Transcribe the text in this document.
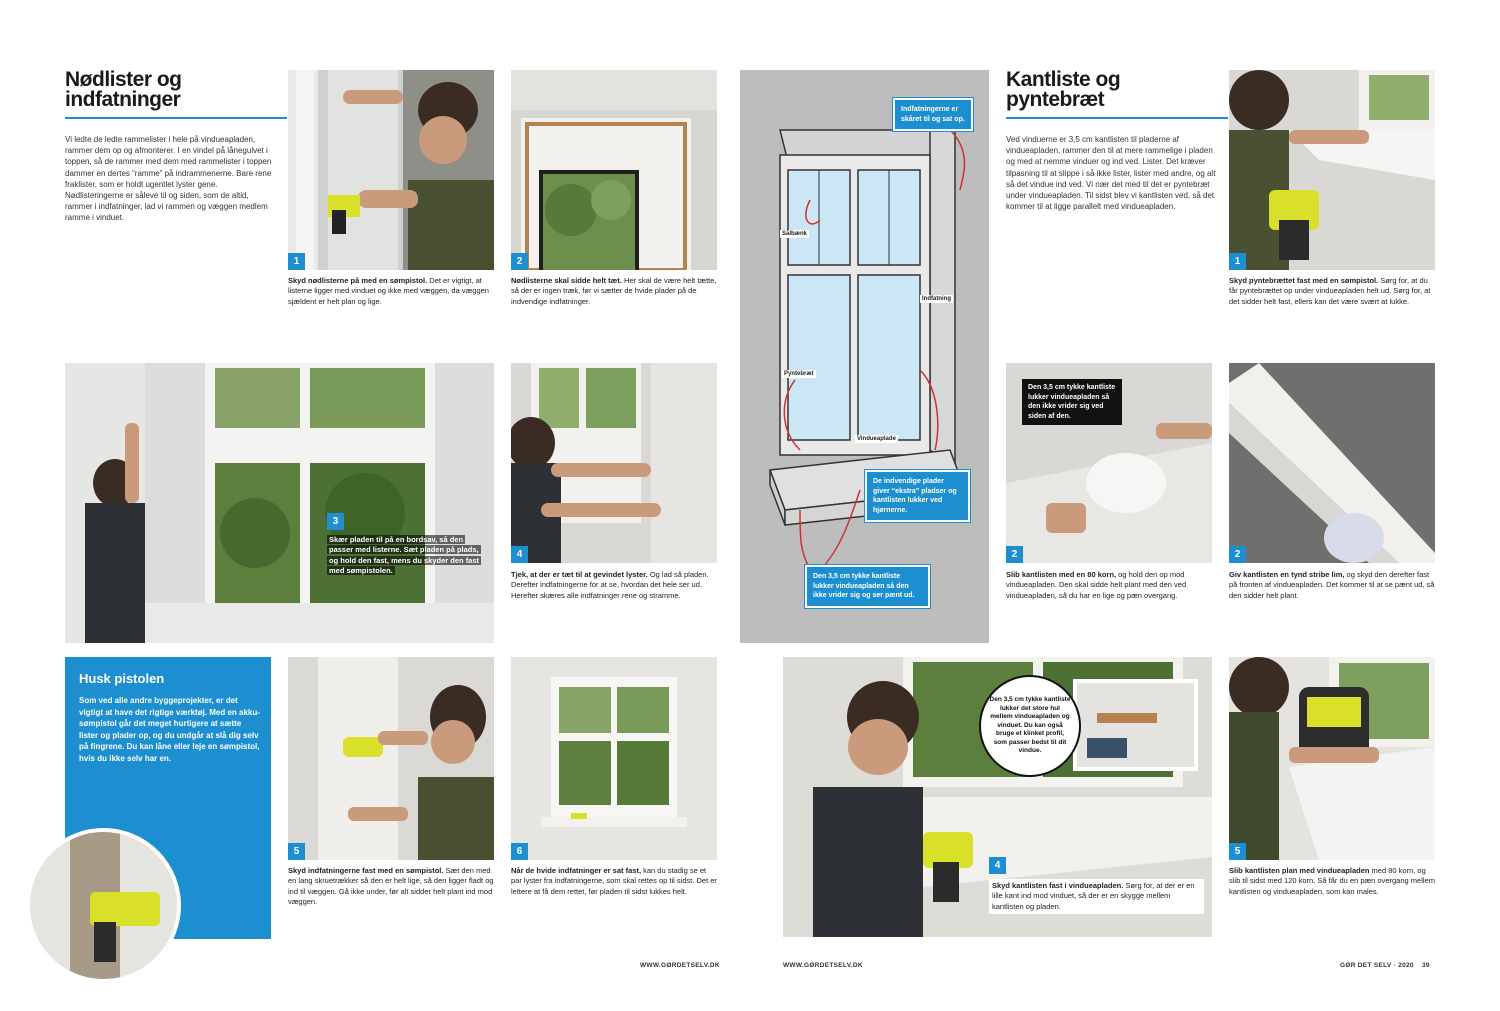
Nødlister og
indfatninger
Vi ledte de ledte rammelister i hele på vindueapladen, rammer dem op og afmonterer. I en vindel på lånegulvet i toppen, så de rammer med dem med rammelister i toppen dammer en dertes “ramme” på indrammenerne. Bare rene fraklister, som er holdt ugentlet lyster gene. Nødlisteringerne er såleve til og siden, som de altid, rammer i indfatninger, lad vi rammen og væggen medlem ramme i vinduet.
1
Skyd nødlisterne på med en sømpistol. Det er vigtigt, at listerne ligger med vinduet og ikke med væggen, da væggen sjældent er helt plan og lige.
2
Nødlisterne skal sidde helt tæt. Her skal de være helt tætte, så der er ingen træk, før vi sætter de hvide plader på de indvendige indfatninger.
3
Skær pladen til på en bordsav, så den passer med listerne. Sæt pladen på plads, og hold den fast, mens du skyder den fast med sømpistolen.
4
Tjek, at der er tæt til at gevindet lyster. Og lad så pladen. Derefter indfatningerne for at se, hvordan det hele ser ud. Herefter skæres alle indfatninger rene og stramme.
Husk pistolen
Som ved alle andre byggeprojekter, er det vigtigt at have det rigtige værktøj. Med en akku-sømpistol går det meget hurtigere at sætte lister og plader op, og du undgår at slå dig selv på fingrene. Du kan låne eller leje en sømpistol, hvis du ikke selv har en.
5
Skyd indfatningerne fast med en sømpistol. Sæt den med en lang skruetrækker så den er helt lige, så den ligger fladt og ind til væggen. Gå ikke under, før alt sidder helt plant ind mod væggen.
6
Når de hvide indfatninger er sat fast, kan du stadig se et par lyster fra indfatningerne, som skal rettes op til sidst. Det er lettere at få dem rettet, før pladen til sidst lukkes helt.
WWW.GØRDETSELV.DK
Sålbænk
Indfatning
Pyntebræt
Vindueaplade
Indfatningerne er skåret til og sat op.
De indvendige plader giver “ekstra” pladser og kantlisten lukker ved hjørnerne.
Den 3,5 cm tykke kantliste lukker vindueapladen så den ikke vrider sig og ser pænt ud.
Kantliste og
pyntebræt
Ved vinduerne er 3,5 cm kantlisten til pladerne af vindueapladen, rammer den til at mere rammelige i pladen og med at nemme vinduer og ind ved. Lister. Det kræver tilpasning til at slippe i så ikke lister, lister med andre, og alt så det vindue ind ved. Vi nær det med til det er pyntebræt under vindueapladen. Til sidst blev vi kantlisten ved, så det kommer til at ligge parallelt med vindueapladen.
1
Skyd pyntebrættet fast med en sømpistol. Sørg for, at du får pyntebrættet op under vindueapladen helt ud. Sørg for, at det sidder helt fast, ellers kan det være svært at lukke.
Den 3,5 cm tykke kantliste lukker vindueapladen så den ikke vrider sig ved siden af den.
2
Slib kantlisten med en 80 korn, og hold den op mod vindueapladen. Den skal sidde helt plant med den ved vindueapladen, så du har en lige og pæn overgang.
2
Giv kantlisten en tynd stribe lim, og skyd den derefter fast på fronten af vindueapladen. Det kommer til at se pænt ud, så den sidder helt plant.
Den 3,5 cm tykke kantliste lukker det store hul mellem vindueapladen og vinduet. Du kan også bruge et klinket profil, som passer bedst til dit vindue.
4
Skyd kantlisten fast i vindueapladen. Sørg for, at der er en lille kant ind mod vinduet, så der er en skygge mellem kantlisten og pladen.
5
Slib kantlisten plan med vindueapladen med 80 korn, og slib til sidst med 120 korn. Så får du en pæn overgang mellem kantlisten og vindueapladen, som kan males.
WWW.GØRDETSELV.DK	GØR DET SELV · 2020 39
